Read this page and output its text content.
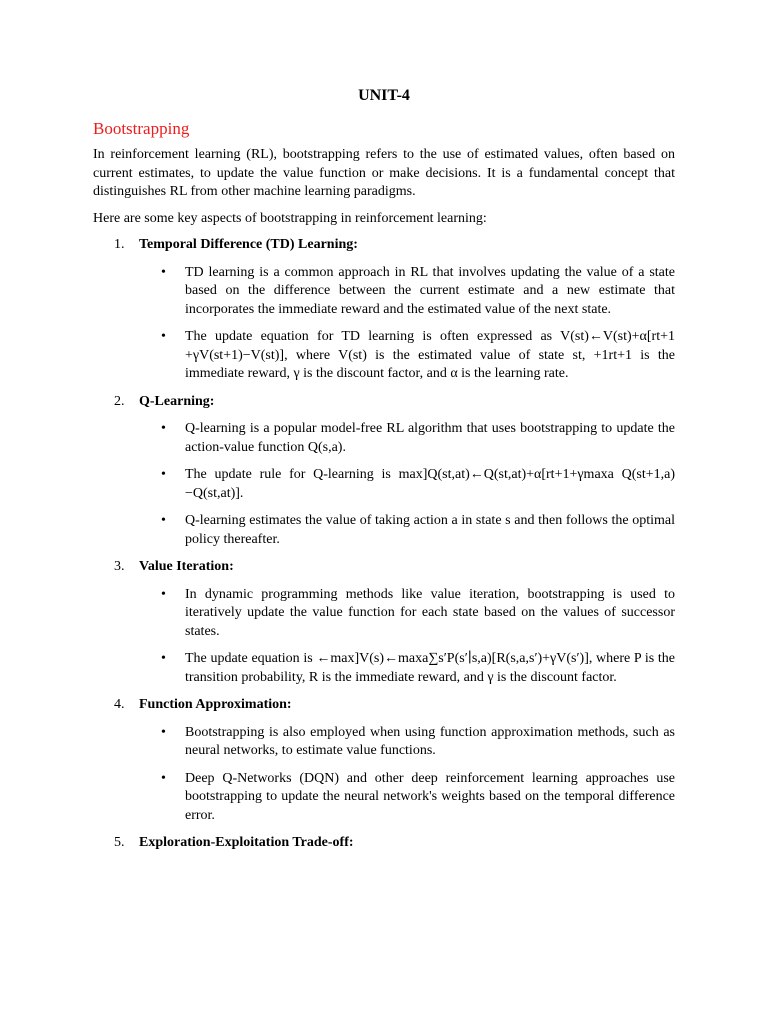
UNIT-4
Bootstrapping

In reinforcement learning (RL), bootstrapping refers to the use of estimated values, often based on current estimates, to update the value function or make decisions. It is a fundamental concept that distinguishes RL from other machine learning paradigms.

Here are some key aspects of bootstrapping in reinforcement learning:

1. Temporal Difference (TD) Learning:
• TD learning is a common approach in RL that involves updating the value of a state based on the difference between the current estimate and a new estimate that incorporates the immediate reward and the estimated value of the next state.
• The update equation for TD learning is often expressed as V(st)←V(st)+α[rt+1 +γV(st+1)−V(st)], where V(st) is the estimated value of state st, +1rt+1 is the immediate reward, γ is the discount factor, and α is the learning rate.
2. Q-Learning:
• Q-learning is a popular model-free RL algorithm that uses bootstrapping to update the action-value function Q(s,a).
• The update rule for Q-learning is max⁡]Q(st,at)←Q(st,at)+α[rt+1+γmaxa Q(st+1,a)−Q(st,at)].
• Q-learning estimates the value of taking action a in state s and then follows the optimal policy thereafter.
3. Value Iteration:
• In dynamic programming methods like value iteration, bootstrapping is used to iteratively update the value function for each state based on the values of successor states.
• The update equation is ←max⁡]V(s)←maxa∑s′P(s′∣s,a)[R(s,a,s′)+γV(s′)], where P is the transition probability, R is the immediate reward, and γ is the discount factor.
4. Function Approximation:
• Bootstrapping is also employed when using function approximation methods, such as neural networks, to estimate value functions.
• Deep Q-Networks (DQN) and other deep reinforcement learning approaches use bootstrapping to update the neural network's weights based on the temporal difference error.
5. Exploration-Exploitation Trade-off:
